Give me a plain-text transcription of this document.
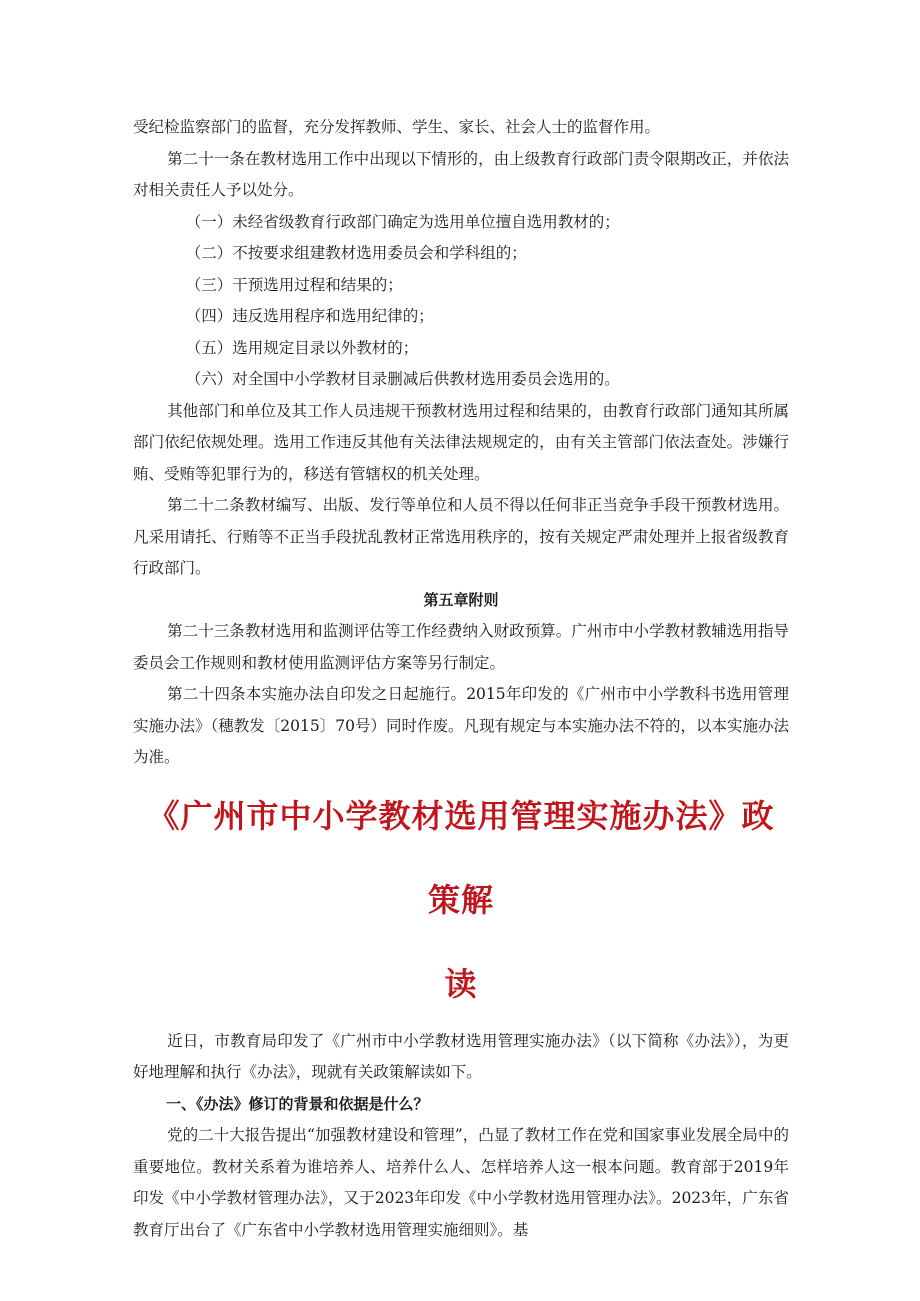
受纪检监察部门的监督，充分发挥教师、学生、家长、社会人士的监督作用。

第二十一条在教材选用工作中出现以下情形的，由上级教育行政部门责令限期改正，并依法对相关责任人予以处分。

（一）未经省级教育行政部门确定为选用单位擅自选用教材的；

（二）不按要求组建教材选用委员会和学科组的；

（三）干预选用过程和结果的；

（四）违反选用程序和选用纪律的；

（五）选用规定目录以外教材的；

（六）对全国中小学教材目录删减后供教材选用委员会选用的。

其他部门和单位及其工作人员违规干预教材选用过程和结果的，由教育行政部门通知其所属部门依纪依规处理。选用工作违反其他有关法律法规规定的，由有关主管部门依法查处。涉嫌行贿、受贿等犯罪行为的，移送有管辖权的机关处理。

第二十二条教材编写、出版、发行等单位和人员不得以任何非正当竞争手段干预教材选用。凡采用请托、行贿等不正当手段扰乱教材正常选用秩序的，按有关规定严肃处理并上报省级教育行政部门。

第五章附则

第二十三条教材选用和监测评估等工作经费纳入财政预算。广州市中小学教材教辅选用指导委员会工作规则和教材使用监测评估方案等另行制定。

第二十四条本实施办法自印发之日起施行。2015年印发的《广州市中小学教科书选用管理实施办法》（穗教发〔2015〕70号）同时作废。凡现有规定与本实施办法不符的，以本实施办法为准。

《广州市中小学教材选用管理实施办法》政策解

读

近日，市教育局印发了《广州市中小学教材选用管理实施办法》（以下简称《办法》），为更好地理解和执行《办法》，现就有关政策解读如下。

一、《办法》修订的背景和依据是什么？

党的二十大报告提出“加强教材建设和管理”，凸显了教材工作在党和国家事业发展全局中的重要地位。教材关系着为谁培养人、培养什么人、怎样培养人这一根本问题。教育部于2019年印发《中小学教材管理办法》，又于2023年印发《中小学教材选用管理办法》。2023年，广东省教育厅出台了《广东省中小学教材选用管理实施细则》。基
